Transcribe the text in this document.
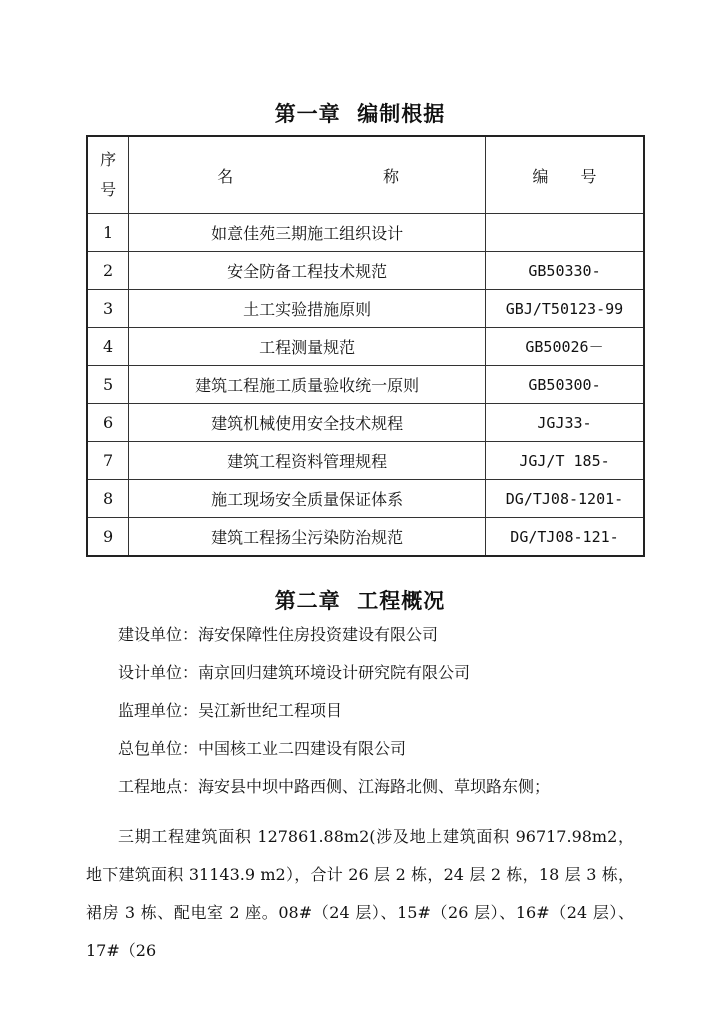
第一章  编制根据
序
号	名 称	编 号

1	如意佳苑三期施工组织设计	
2	安全防备工程技术规范	GB50330-
3	土工实验措施原则	GBJ/T50123-99
4	工程测量规范	GB50026－
5	建筑工程施工质量验收统一原则	GB50300-
6	建筑机械使用安全技术规程	JGJ33-
7	建筑工程资料管理规程	JGJ/T 185-
8	施工现场安全质量保证体系	DG/TJ08-1201-
9	建筑工程扬尘污染防治规范	DG/TJ08-121-
第二章  工程概况
建设单位：海安保障性住房投资建设有限公司
设计单位：南京回归建筑环境设计研究院有限公司
监理单位：吴江新世纪工程项目
总包单位：中国核工业二四建设有限公司
工程地点：海安县中坝中路西侧、江海路北侧、草坝路东侧；
三期工程建筑面积 127861.88m2(涉及地上建筑面积 96717.98m2，地下建筑面积 31143.9 m2），合计 26 层 2 栋，24 层 2 栋，18 层 3 栋，裙房 3 栋、配电室 2 座。08#（24 层）、15#（26 层）、16#（24 层）、 17#（26
